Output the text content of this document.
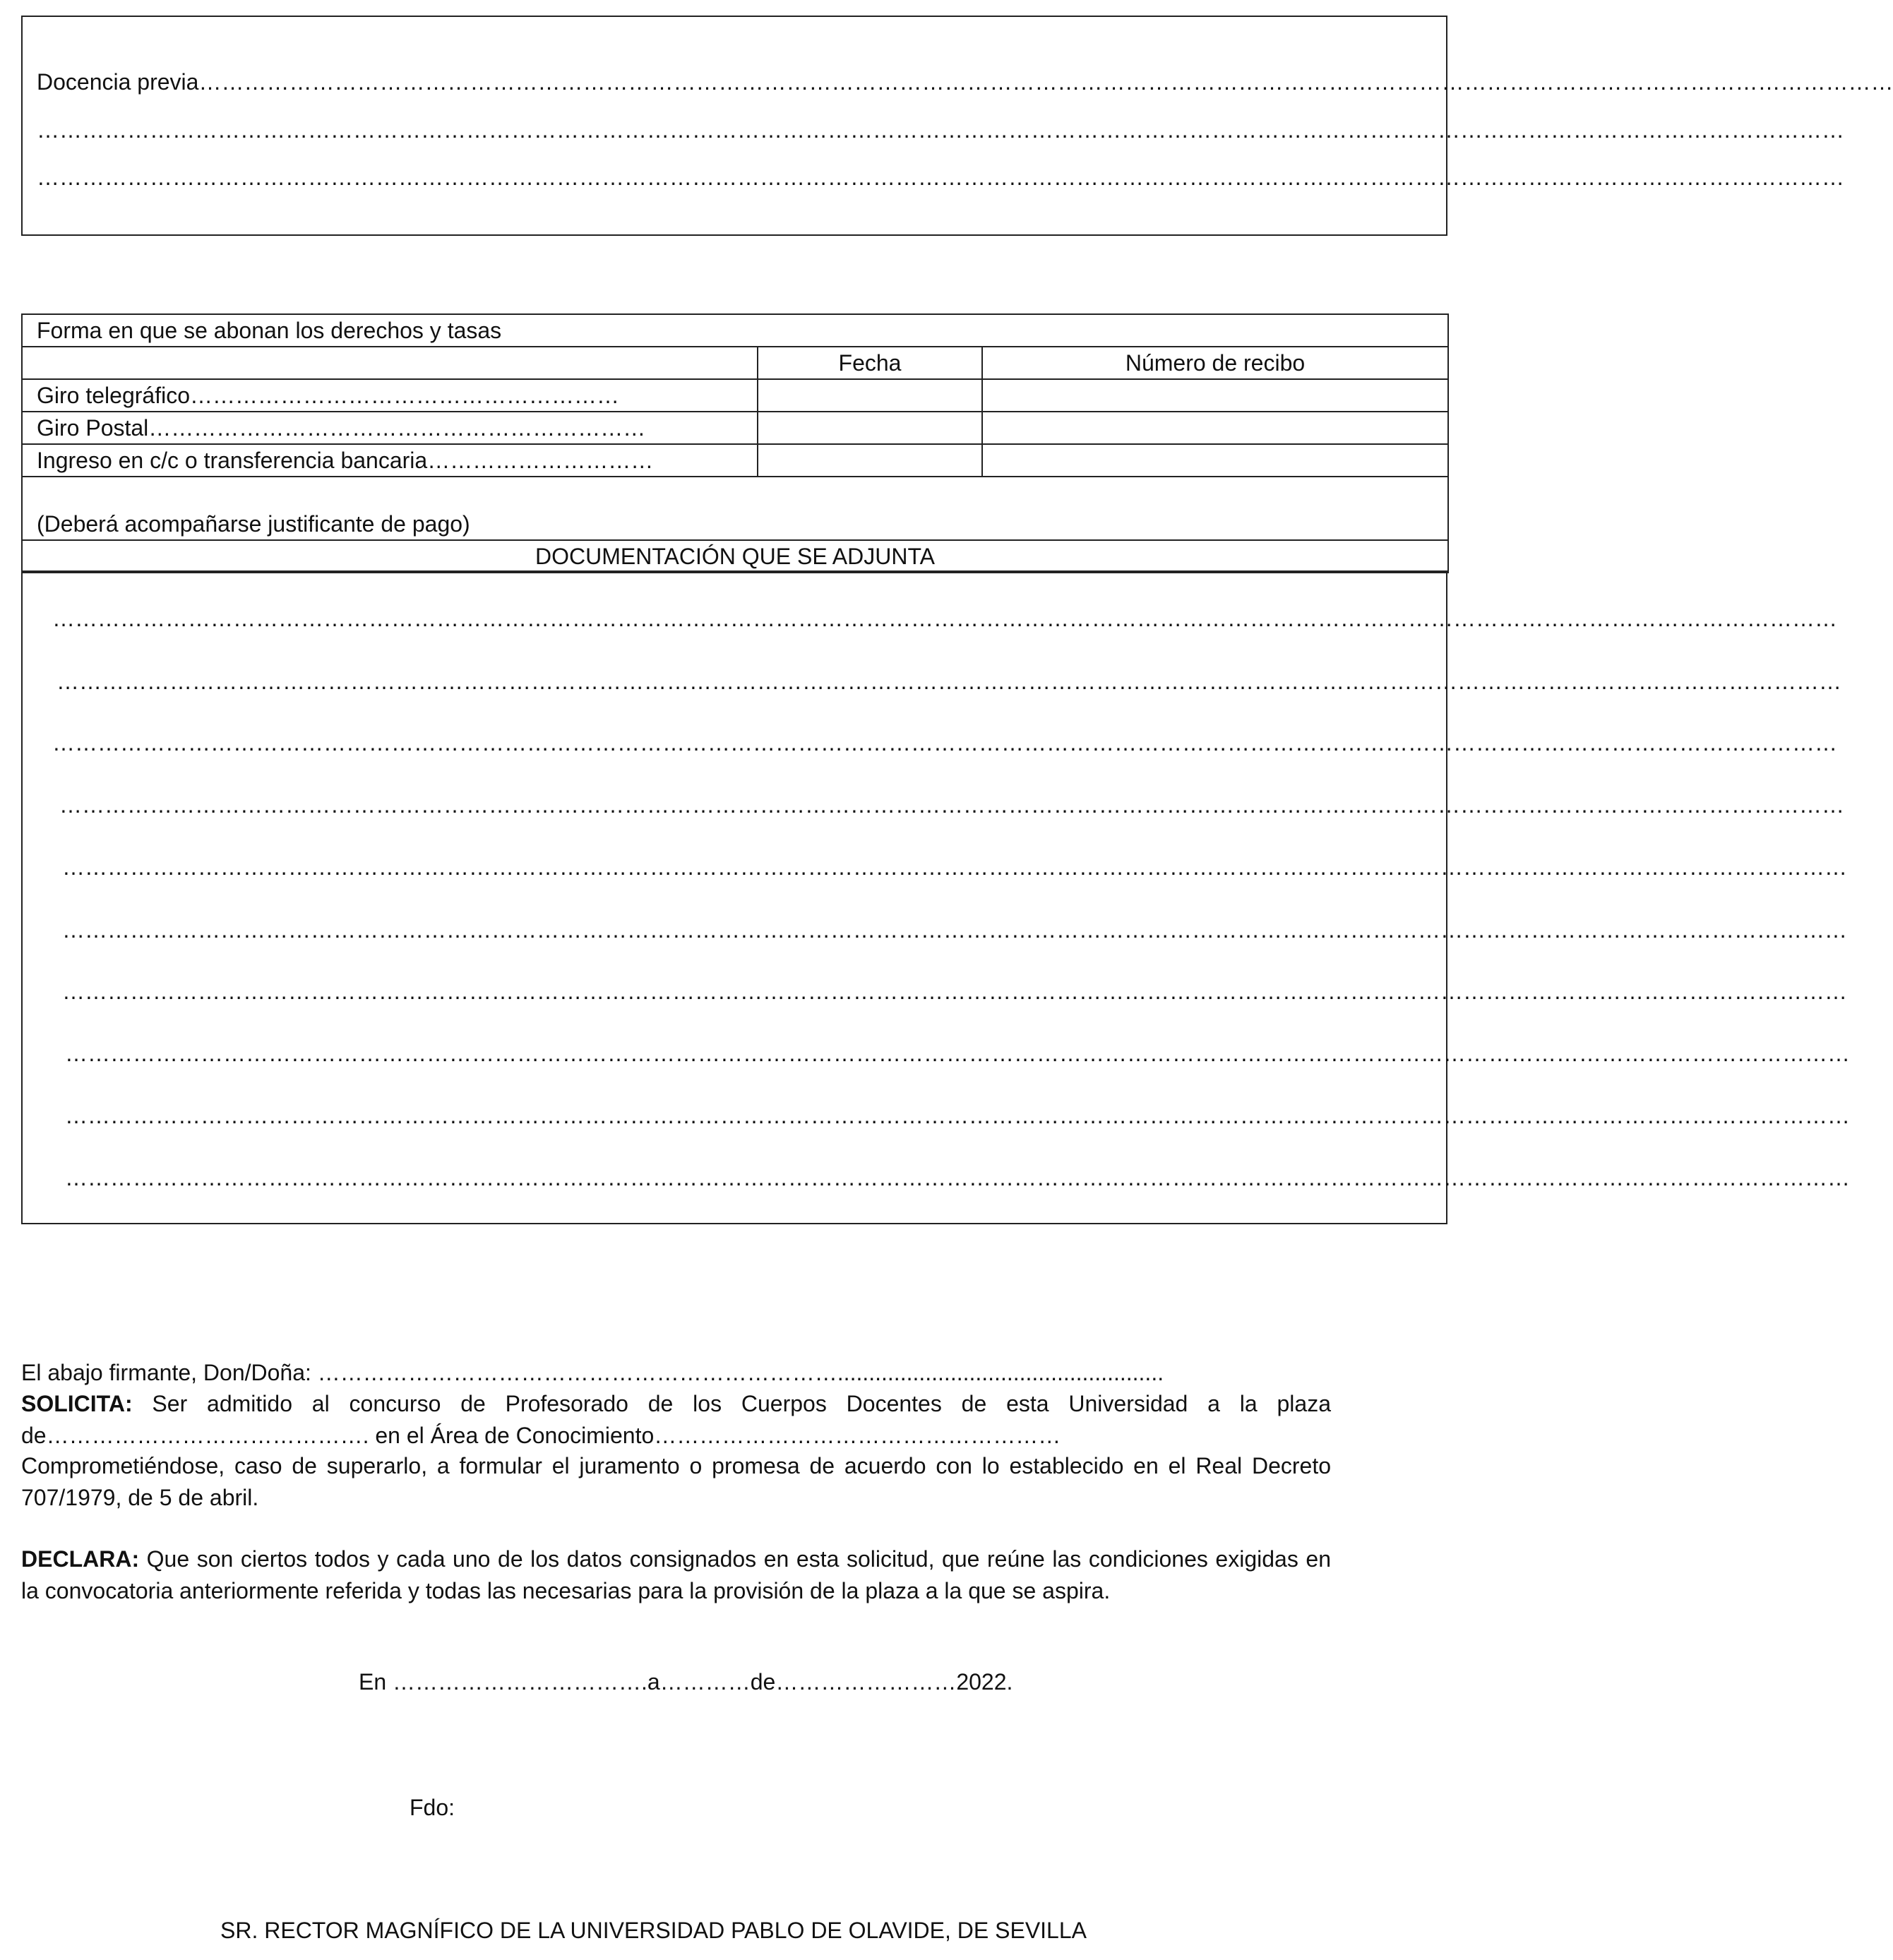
Docencia previa………………………………………………………………………………………………………………………………………………………………………………………………………
……………………………………………………………………………………………………………………………………………………………………………………………………………………
……………………………………………………………………………………………………………………………………………………………………………………………………………………
Forma en que se abonan los derechos y tasas		
	Fecha	Número de recibo
Giro telegráfico…………………………………………………		
Giro Postal…………………………………………………………		
Ingreso en c/c o transferencia bancaria…………………………		
(Deberá acompañarse justificante de pago)		
DOCUMENTACIÓN QUE SE ADJUNTA		
…………………………………………………………………………………………………………………………………………………………………………………………………………………
…………………………………………………………………………………………………………………………………………………………………………………………………………………
…………………………………………………………………………………………………………………………………………………………………………………………………………………
…………………………………………………………………………………………………………………………………………………………………………………………………………………
…………………………………………………………………………………………………………………………………………………………………………………………………………………
…………………………………………………………………………………………………………………………………………………………………………………………………………………
…………………………………………………………………………………………………………………………………………………………………………………………………………………
…………………………………………………………………………………………………………………………………………………………………………………………………………………
…………………………………………………………………………………………………………………………………………………………………………………………………………………
…………………………………………………………………………………………………………………………………………………………………………………………………………………
El abajo firmante, Don/Doña: ……………………………………………………………....................................................
SOLICITA: Ser admitido al concurso de Profesorado de los Cuerpos Docentes de esta Universidad a la plaza de……………………………………. en el Área de Conocimiento………………………………………………
Comprometiéndose, caso de superarlo, a formular el juramento o promesa de acuerdo con lo establecido en el Real Decreto 707/1979, de 5 de abril.
DECLARA: Que son ciertos todos y cada uno de los datos consignados en esta solicitud, que reúne las condiciones exigidas en la convocatoria anteriormente referida y todas las necesarias para la provisión de la plaza a la que se aspira.
En …………………………….a…………de……………………2022.
Fdo:
SR. RECTOR MAGNÍFICO DE LA UNIVERSIDAD PABLO DE OLAVIDE, DE SEVILLA
